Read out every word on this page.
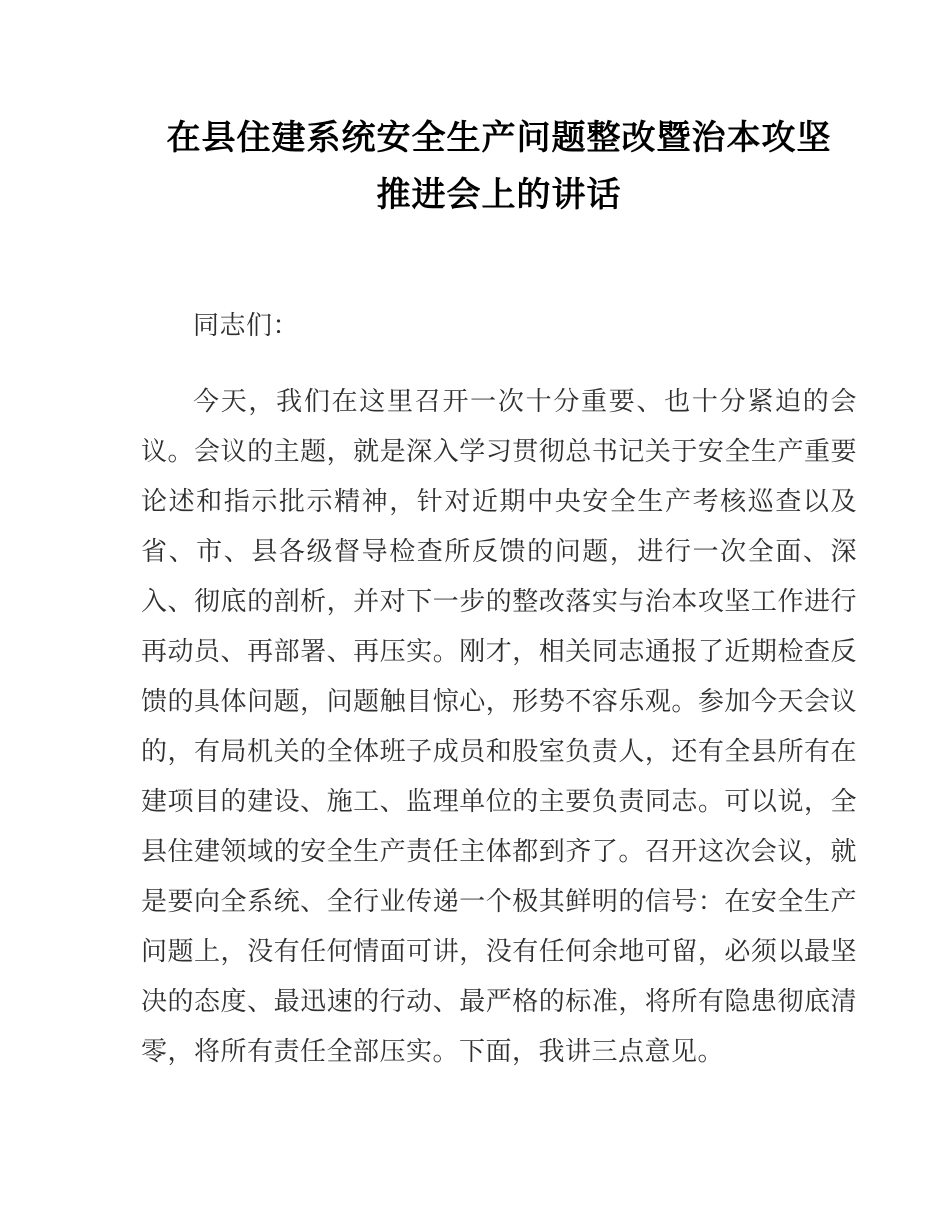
在县住建系统安全生产问题整改暨治本攻坚
推进会上的讲话

同志们：

今天，我们在这里召开一次十分重要、也十分紧迫的会议。会议的主题，就是深入学习贯彻总书记关于安全生产重要论述和指示批示精神，针对近期中央安全生产考核巡查以及省、市、县各级督导检查所反馈的问题，进行一次全面、深入、彻底的剖析，并对下一步的整改落实与治本攻坚工作进行再动员、再部署、再压实。刚才，相关同志通报了近期检查反馈的具体问题，问题触目惊心，形势不容乐观。参加今天会议的，有局机关的全体班子成员和股室负责人，还有全县所有在建项目的建设、施工、监理单位的主要负责同志。可以说，全县住建领域的安全生产责任主体都到齐了。召开这次会议，就是要向全系统、全行业传递一个极其鲜明的信号：在安全生产问题上，没有任何情面可讲，没有任何余地可留，必须以最坚决的态度、最迅速的行动、最严格的标准，将所有隐患彻底清零，将所有责任全部压实。下面，我讲三点意见。
